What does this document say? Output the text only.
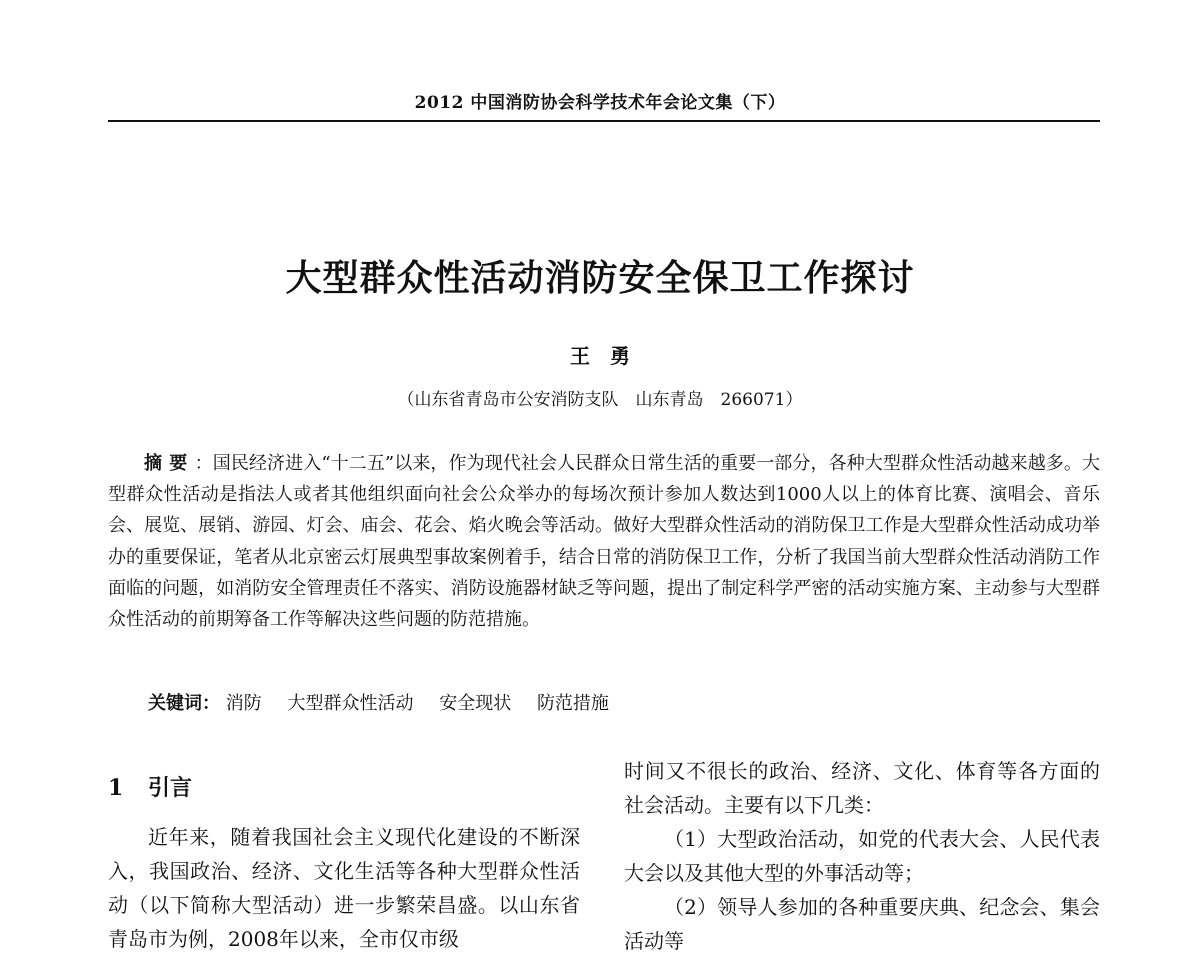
2012 中国消防协会科学技术年会论文集（下）
大型群众性活动消防安全保卫工作探讨
王勇
（山东省青岛市公安消防支队　山东青岛　266071）

摘要：国民经济进入“十二五”以来，作为现代社会人民群众日常生活的重要一部分，各种大型群众性活动越来越多。大型群众性活动是指法人或者其他组织面向社会公众举办的每场次预计参加人数达到1000人以上的体育比赛、演唱会、音乐会、展览、展销、游园、灯会、庙会、花会、焰火晚会等活动。做好大型群众性活动的消防保卫工作是大型群众性活动成功举办的重要保证，笔者从北京密云灯展典型事故案例着手，结合日常的消防保卫工作，分析了我国当前大型群众性活动消防工作面临的问题，如消防安全管理责任不落实、消防设施器材缺乏等问题，提出了制定科学严密的活动实施方案、主动参与大型群众性活动的前期筹备工作等解决这些问题的防范措施。

关键词： 消防 大型群众性活动 安全现状 防范措施
1 引言

近年来，随着我国社会主义现代化建设的不断深入，我国政治、经济、文化生活等各种大型群众性活动（以下简称大型活动）进一步繁荣昌盛。以山东省青岛市为例，2008年以来，全市仅市级

时间又不很长的政治、经济、文化、体育等各方面的社会活动。主要有以下几类：

（1）大型政治活动，如党的代表大会、人民代表大会以及其他大型的外事活动等；

（2）领导人参加的各种重要庆典、纪念会、集会活动等
